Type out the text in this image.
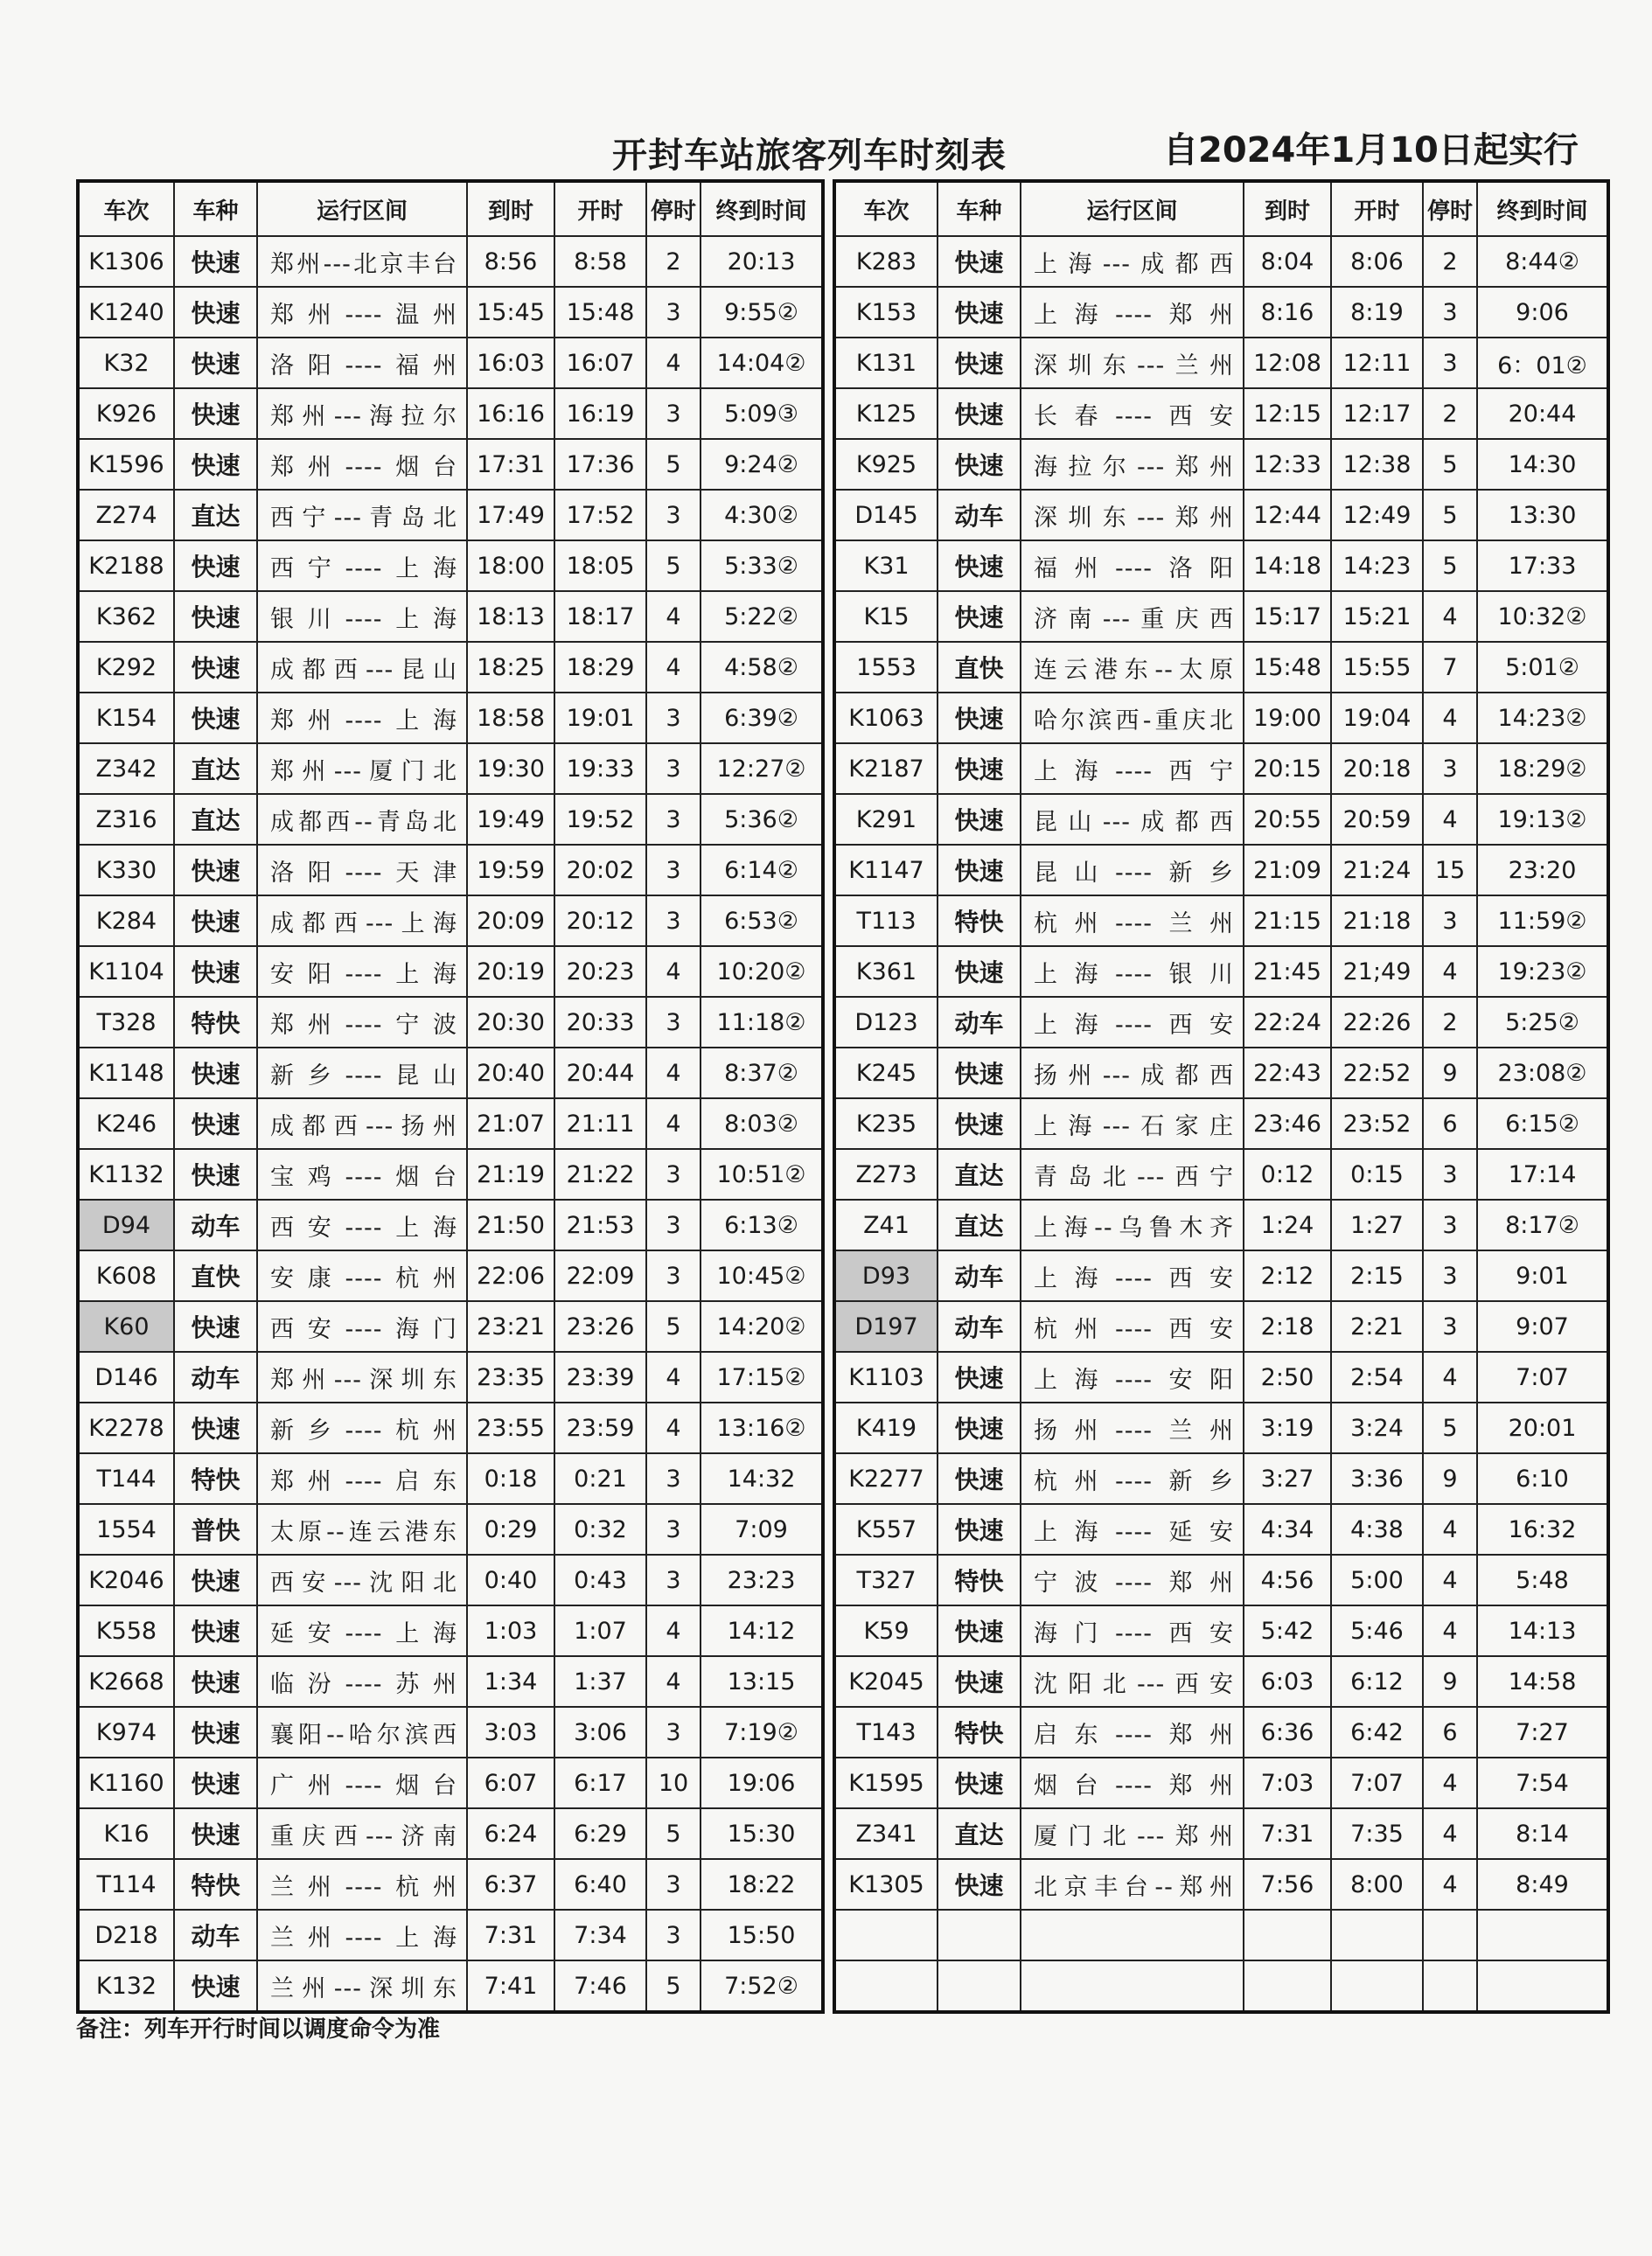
开封车站旅客列车时刻表	自2024年1月10日起实行
车次	车种	运行区间	到时	开时	停时	终到时间
K1306	快速	郑州---北京丰台	8:56	8:58	2	20:13
K1240	快速	郑州----温州	15:45	15:48	3	9:55②
K32	快速	洛阳----福州	16:03	16:07	4	14:04②
K926	快速	郑州---海拉尔	16:16	16:19	3	5:09③
K1596	快速	郑州----烟台	17:31	17:36	5	9:24②
Z274	直达	西宁---青岛北	17:49	17:52	3	4:30②
K2188	快速	西宁----上海	18:00	18:05	5	5:33②
K362	快速	银川----上海	18:13	18:17	4	5:22②
K292	快速	成都西---昆山	18:25	18:29	4	4:58②
K154	快速	郑州----上海	18:58	19:01	3	6:39②
Z342	直达	郑州---厦门北	19:30	19:33	3	12:27②
Z316	直达	成都西--青岛北	19:49	19:52	3	5:36②
K330	快速	洛阳----天津	19:59	20:02	3	6:14②
K284	快速	成都西---上海	20:09	20:12	3	6:53②
K1104	快速	安阳----上海	20:19	20:23	4	10:20②
T328	特快	郑州----宁波	20:30	20:33	3	11:18②
K1148	快速	新乡----昆山	20:40	20:44	4	8:37②
K246	快速	成都西---扬州	21:07	21:11	4	8:03②
K1132	快速	宝鸡----烟台	21:19	21:22	3	10:51②
D94	动车	西安----上海	21:50	21:53	3	6:13②
K608	直快	安康----杭州	22:06	22:09	3	10:45②
K60	快速	西安----海门	23:21	23:26	5	14:20②
D146	动车	郑州---深圳东	23:35	23:39	4	17:15②
K2278	快速	新乡----杭州	23:55	23:59	4	13:16②
T144	特快	郑州----启东	0:18	0:21	3	14:32
1554	普快	太原--连云港东	0:29	0:32	3	7:09
K2046	快速	西安---沈阳北	0:40	0:43	3	23:23
K558	快速	延安----上海	1:03	1:07	4	14:12
K2668	快速	临汾----苏州	1:34	1:37	4	13:15
K974	快速	襄阳--哈尔滨西	3:03	3:06	3	7:19②
K1160	快速	广州----烟台	6:07	6:17	10	19:06
K16	快速	重庆西---济南	6:24	6:29	5	15:30
T114	特快	兰州----杭州	6:37	6:40	3	18:22
D218	动车	兰州----上海	7:31	7:34	3	15:50
K132	快速	兰州---深圳东	7:41	7:46	5	7:52②
车次	车种	运行区间	到时	开时	停时	终到时间
K283	快速	上海---成都西	8:04	8:06	2	8:44②
K153	快速	上海----郑州	8:16	8:19	3	9:06
K131	快速	深圳东---兰州	12:08	12:11	3	6：01②
K125	快速	长春----西安	12:15	12:17	2	20:44
K925	快速	海拉尔---郑州	12:33	12:38	5	14:30
D145	动车	深圳东---郑州	12:44	12:49	5	13:30
K31	快速	福州----洛阳	14:18	14:23	5	17:33
K15	快速	济南---重庆西	15:17	15:21	4	10:32②
1553	直快	连云港东--太原	15:48	15:55	7	5:01②
K1063	快速	哈尔滨西-重庆北	19:00	19:04	4	14:23②
K2187	快速	上海----西宁	20:15	20:18	3	18:29②
K291	快速	昆山---成都西	20:55	20:59	4	19:13②
K1147	快速	昆山----新乡	21:09	21:24	15	23:20
T113	特快	杭州----兰州	21:15	21:18	3	11:59②
K361	快速	上海----银川	21:45	21;49	4	19:23②
D123	动车	上海----西安	22:24	22:26	2	5:25②
K245	快速	扬州---成都西	22:43	22:52	9	23:08②
K235	快速	上海---石家庄	23:46	23:52	6	6:15②
Z273	直达	青岛北---西宁	0:12	0:15	3	17:14
Z41	直达	上海--乌鲁木齐	1:24	1:27	3	8:17②
D93	动车	上海----西安	2:12	2:15	3	9:01
D197	动车	杭州----西安	2:18	2:21	3	9:07
K1103	快速	上海----安阳	2:50	2:54	4	7:07
K419	快速	扬州----兰州	3:19	3:24	5	20:01
K2277	快速	杭州----新乡	3:27	3:36	9	6:10
K557	快速	上海----延安	4:34	4:38	4	16:32
T327	特快	宁波----郑州	4:56	5:00	4	5:48
K59	快速	海门----西安	5:42	5:46	4	14:13
K2045	快速	沈阳北---西安	6:03	6:12	9	14:58
T143	特快	启东----郑州	6:36	6:42	6	7:27
K1595	快速	烟台----郑州	7:03	7:07	4	7:54
Z341	直达	厦门北---郑州	7:31	7:35	4	8:14
K1305	快速	北京丰台--郑州	7:56	8:00	4	8:49

备注：列车开行时间以调度命令为准
